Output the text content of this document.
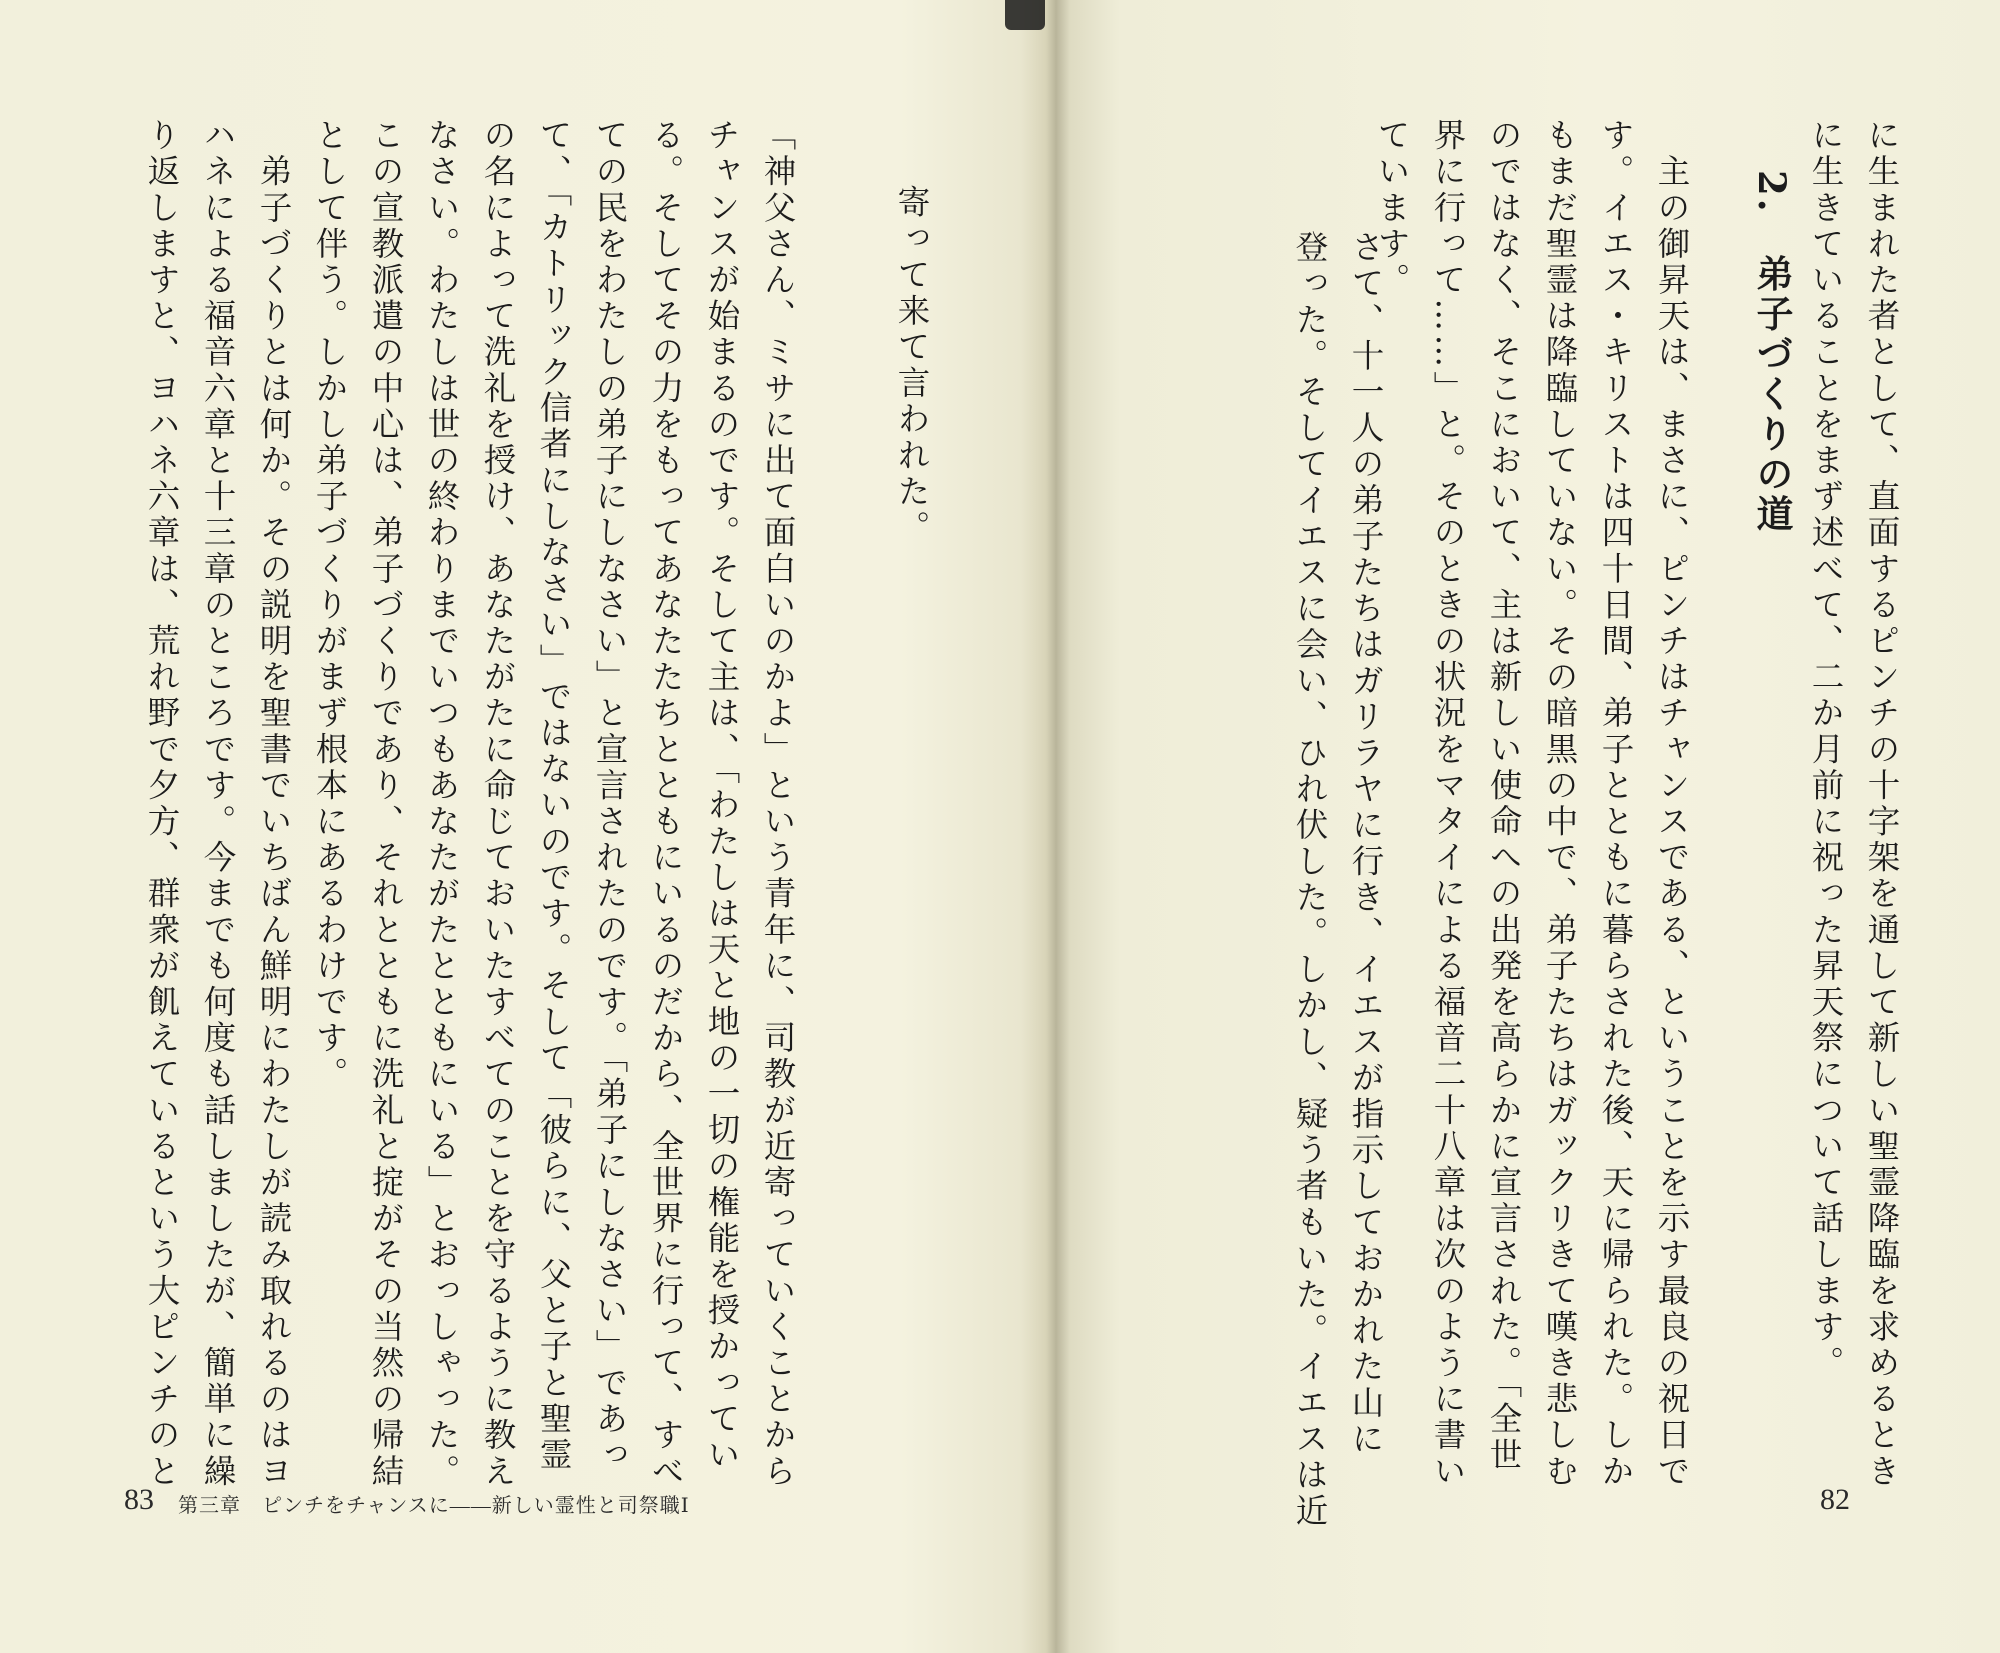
に生まれた者として、直面するピンチの十字架を通して新しい聖霊降臨を求めるとき
に生きていることをまず述べて、二か月前に祝った昇天祭について話します。
2.　弟子づくりの道
　主の御昇天は、まさに、ピンチはチャンスである、ということを示す最良の祝日で
す。イエス・キリストは四十日間、弟子とともに暮らされた後、天に帰られた。しか
もまだ聖霊は降臨していない。その暗黒の中で、弟子たちはガックリきて嘆き悲しむ
のではなく、そこにおいて、主は新しい使命への出発を高らかに宣言された。「全世
界に行って……」と。そのときの状況をマタイによる福音二十八章は次のように書い
ています。
さて、十一人の弟子たちはガリラヤに行き、イエスが指示しておかれた山に
登った。そしてイエスに会い、ひれ伏した。しかし、疑う者もいた。イエスは近
寄って来て言われた。
「神父さん、ミサに出て面白いのかよ」という青年に、司教が近寄っていくことから
チャンスが始まるのです。そして主は、「わたしは天と地の一切の権能を授かってい
る。そしてその力をもってあなたたちとともにいるのだから、全世界に行って、すべ
ての民をわたしの弟子にしなさい」と宣言されたのです。「弟子にしなさい」であっ
て、「カトリック信者にしなさい」ではないのです。そして「彼らに、父と子と聖霊
の名によって洗礼を授け、あなたがたに命じておいたすべてのことを守るように教え
なさい。わたしは世の終わりまでいつもあなたがたとともにいる」とおっしゃった。
この宣教派遣の中心は、弟子づくりであり、それとともに洗礼と掟がその当然の帰結
として伴う。しかし弟子づくりがまず根本にあるわけです。
　弟子づくりとは何か。その説明を聖書でいちばん鮮明にわたしが読み取れるのはヨ
ハネによる福音六章と十三章のところです。今までも何度も話しましたが、簡単に繰
り返しますと、ヨハネ六章は、荒れ野で夕方、群衆が飢えているという大ピンチのと
83 第三章　ピンチをチャンスに——新しい霊性と司祭職Ⅰ	82
